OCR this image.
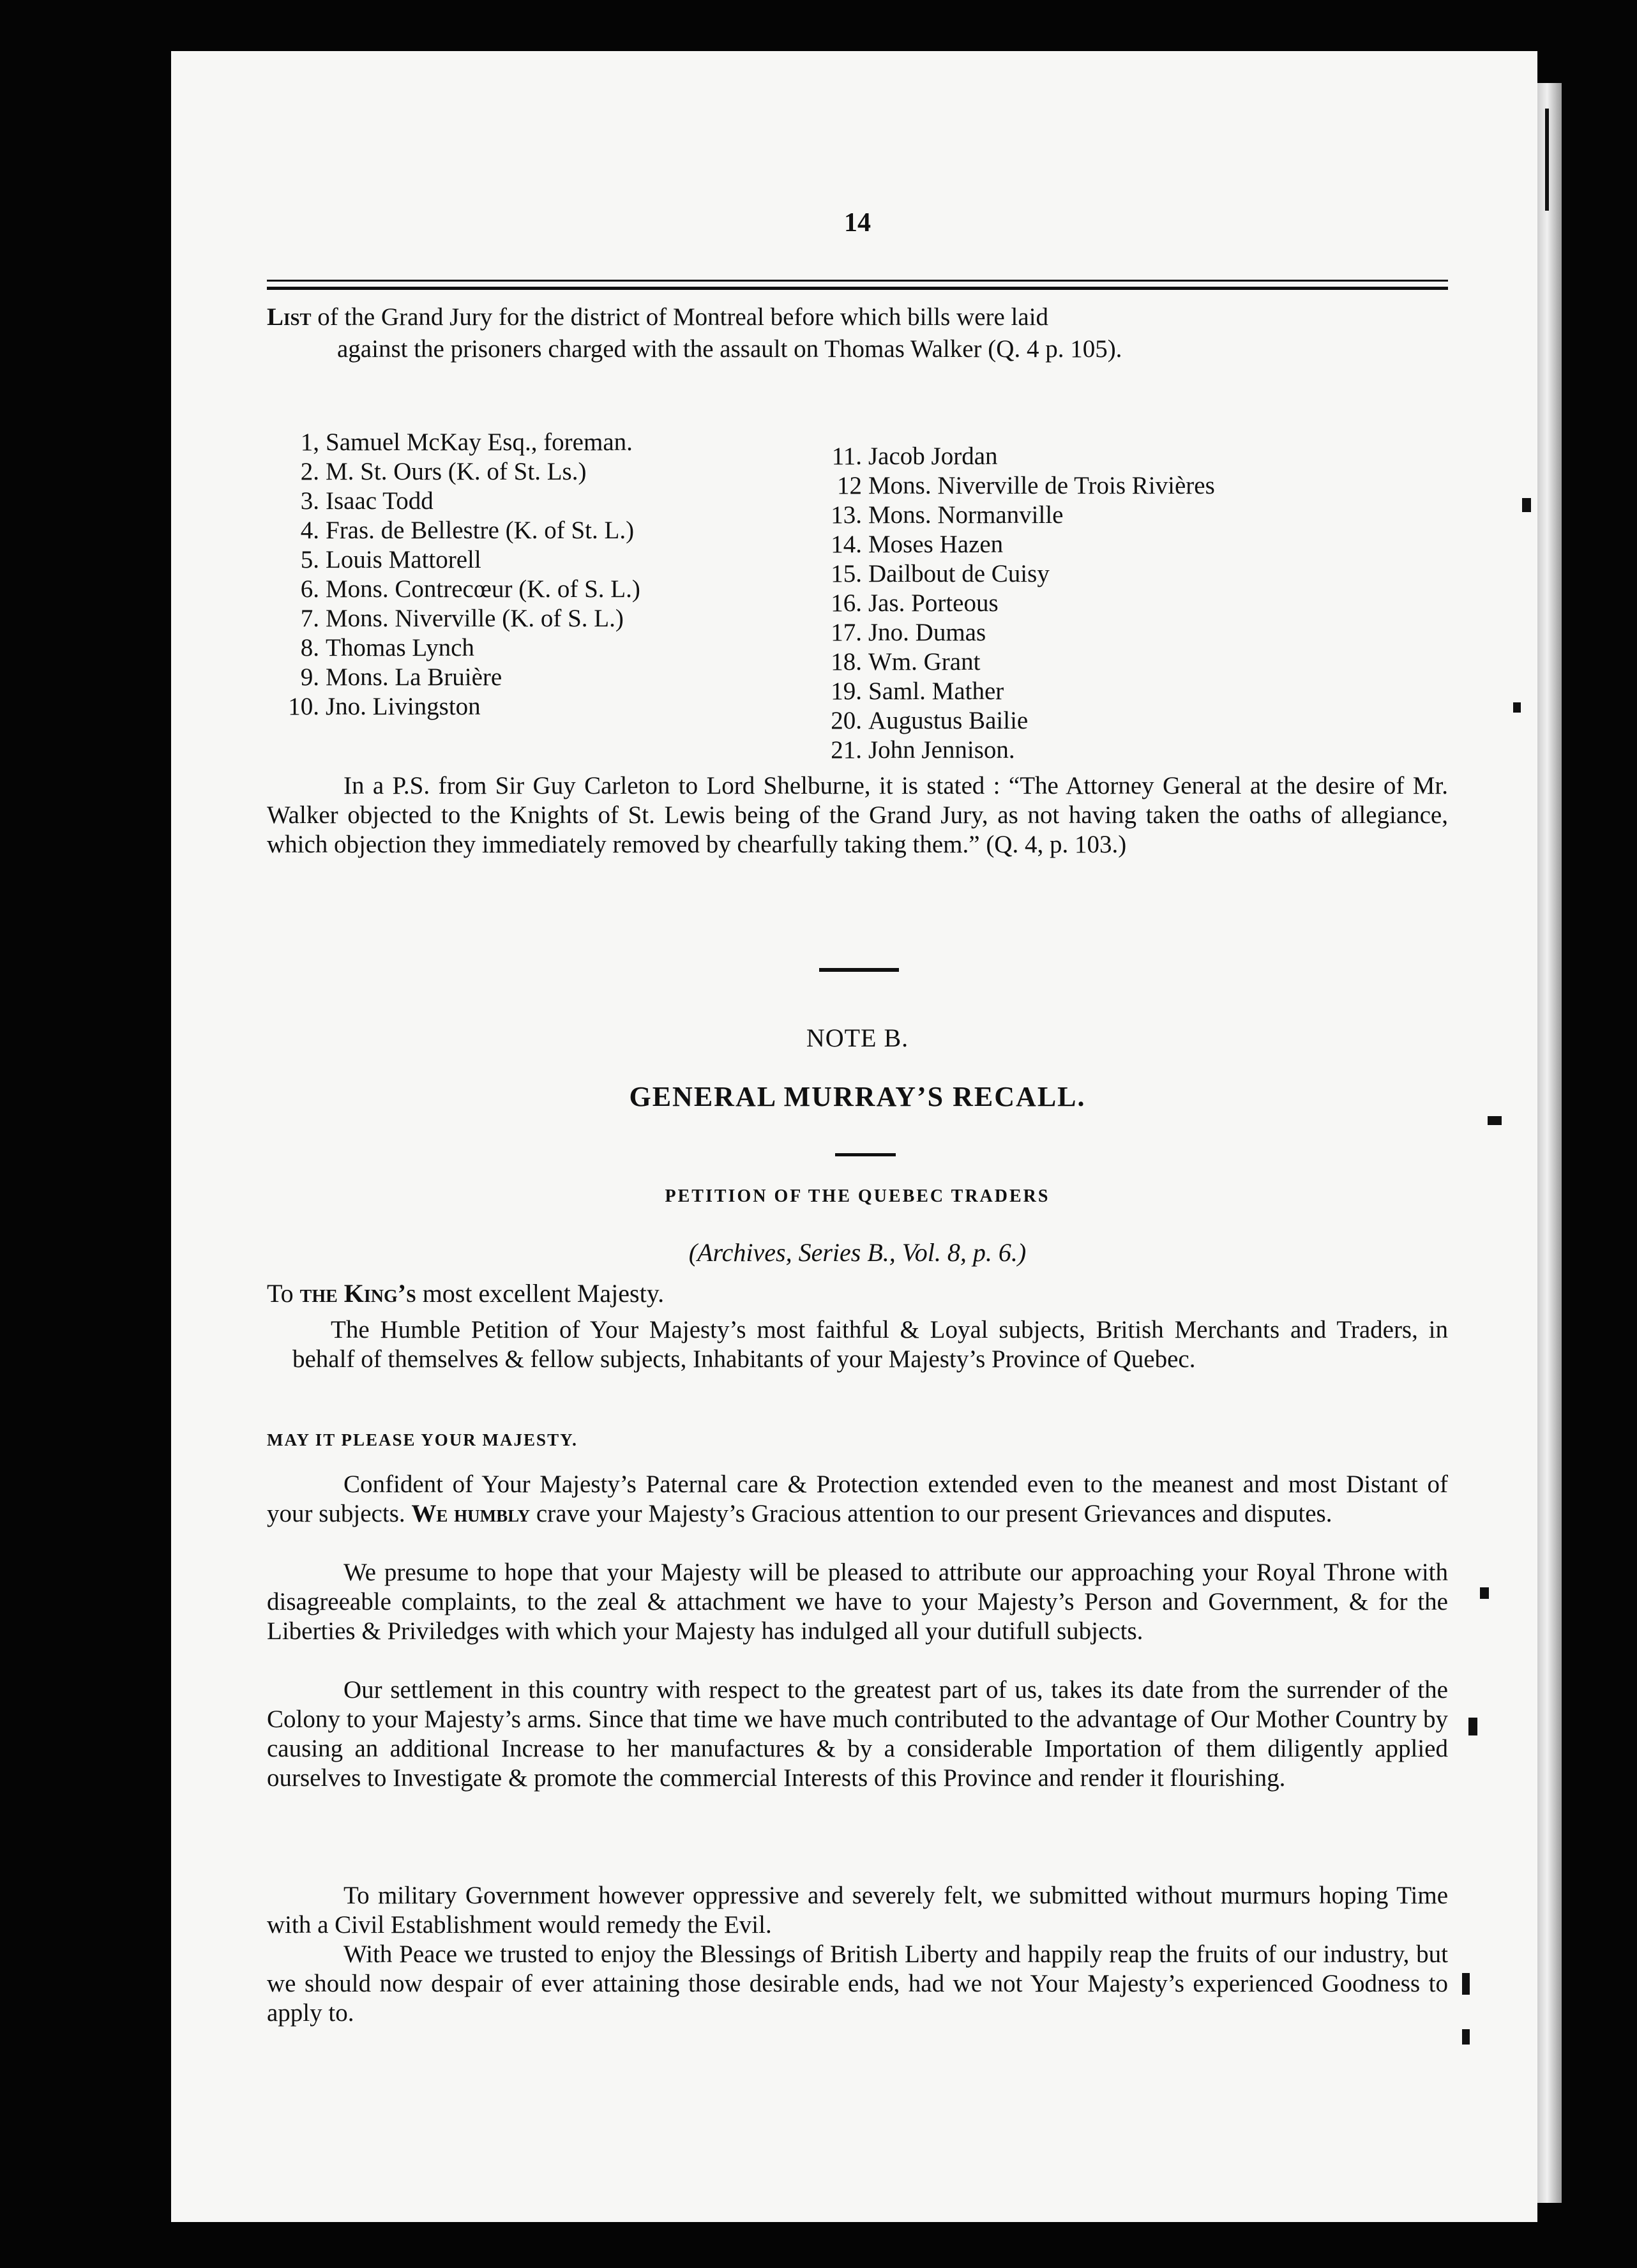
14
List of the Grand Jury for the district of Montreal before which bills were laid
against the prisoners charged with the assault on Thomas Walker (Q. 4 p. 105).
1, Samuel McKay Esq., foreman.
2. M. St. Ours (K. of St. Ls.)
3. Isaac Todd
4. Fras. de Bellestre (K. of St. L.)
5. Louis Mattorell
6. Mons. Contrecœur (K. of S. L.)
7. Mons. Niverville (K. of S. L.)
8. Thomas Lynch
9. Mons. La Bruière
10. Jno. Livingston
11. Jacob Jordan
12 Mons. Niverville de Trois Rivières
13. Mons. Normanville
14. Moses Hazen
15. Dailbout de Cuisy
16. Jas. Porteous
17. Jno. Dumas
18. Wm. Grant
19. Saml. Mather
20. Augustus Bailie
21. John Jennison.
In a P.S. from Sir Guy Carleton to Lord Shelburne, it is stated : “The Attorney General at the desire of Mr. Walker objected to the Knights of St. Lewis being of the Grand Jury, as not having taken the oaths of allegiance, which objection they immediately removed by chearfully taking them.” (Q. 4, p. 103.)
NOTE B.
GENERAL MURRAY’S RECALL.
PETITION OF THE QUEBEC TRADERS
(Archives, Series B., Vol. 8, p. 6.)
To the King’s most excellent Majesty.
The Humble Petition of Your Majesty’s most faithful & Loyal subjects, British Merchants and Traders, in behalf of themselves & fellow subjects, Inhabitants of your Majesty’s Province of Quebec.
MAY IT PLEASE YOUR MAJESTY.
Confident of Your Majesty’s Paternal care & Protection extended even to the meanest and most Distant of your subjects. We humbly crave your Majesty’s Gracious attention to our present Grievances and disputes.
We presume to hope that your Majesty will be pleased to attribute our approaching your Royal Throne with disagreeable complaints, to the zeal & attachment we have to your Majesty’s Person and Government, & for the Liberties & Priviledges with which your Majesty has indulged all your dutifull subjects.
Our settlement in this country with respect to the greatest part of us, takes its date from the surrender of the Colony to your Majesty’s arms. Since that time we have much contributed to the advantage of Our Mother Country by causing an additional Increase to her manufactures & by a considerable Importation of them diligently applied ourselves to Investigate & promote the commercial Interests of this Province and render it flourishing.
To military Government however oppressive and severely felt, we submitted without murmurs hoping Time with a Civil Establishment would remedy the Evil.
With Peace we trusted to enjoy the Blessings of British Liberty and happily reap the fruits of our industry, but we should now despair of ever attaining those desirable ends, had we not Your Majesty’s experienced Goodness to apply to.
